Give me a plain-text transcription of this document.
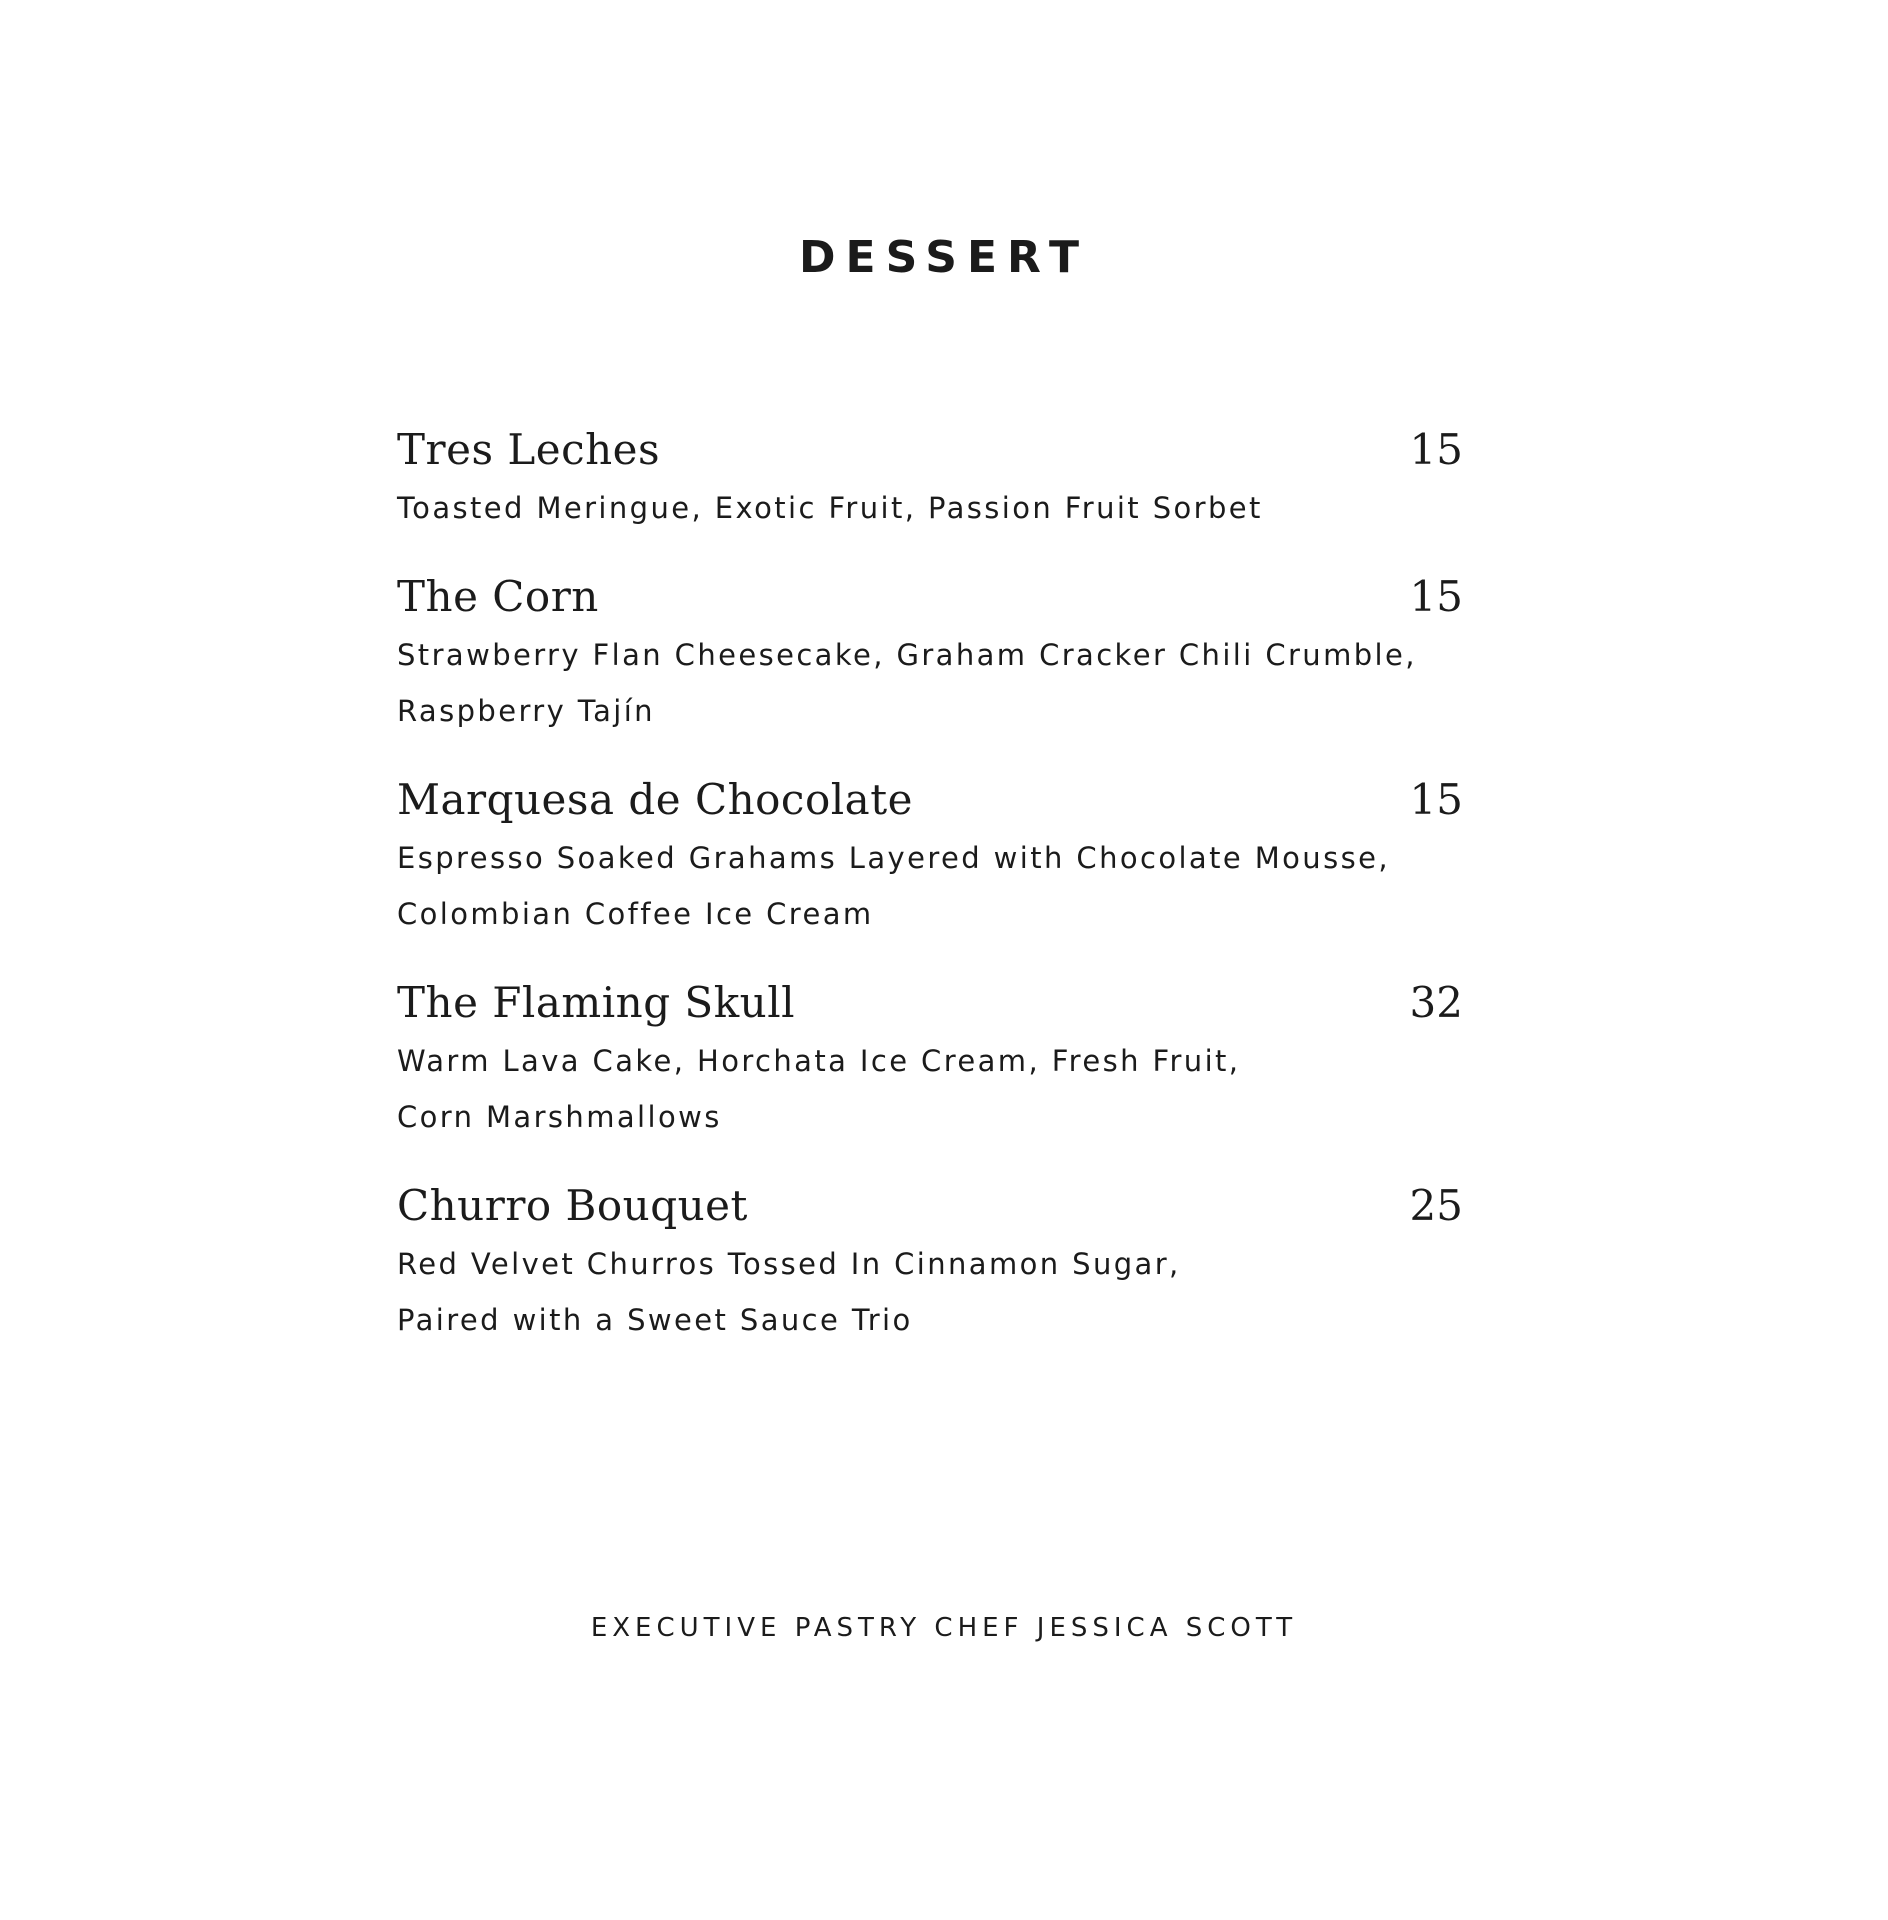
DESSERT
Tres Leches	15
Toasted Meringue, Exotic Fruit, Passion Fruit Sorbet
The Corn	15
Strawberry Flan Cheesecake, Graham Cracker Chili Crumble,
Raspberry Tajín
Marquesa de Chocolate	15
Espresso Soaked Grahams Layered with Chocolate Mousse,
Colombian Coffee Ice Cream
The Flaming Skull	32
Warm Lava Cake, Horchata Ice Cream, Fresh Fruit,
Corn Marshmallows
Churro Bouquet	25
Red Velvet Churros Tossed In Cinnamon Sugar,
Paired with a Sweet Sauce Trio
EXECUTIVE PASTRY CHEF JESSICA SCOTT
